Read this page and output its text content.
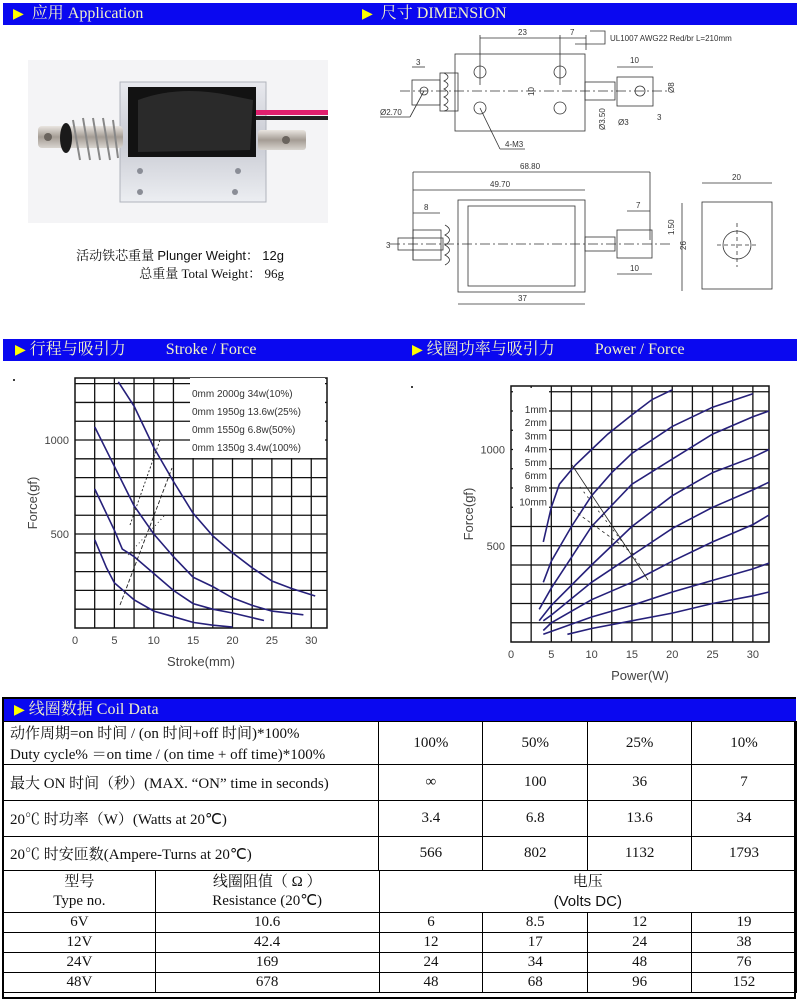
▶ 应用 Application	▶ 尺寸 DIMENSION
活动铁芯重量 Plunger Weight： 12g
总重量 Total Weight： 96g
23	7
UL1007 AWG22 Red/br L=210mm
Ø2.70
3
10
Ø3.50
4-M3
10
Ø8
Ø3
3
68.80
49.70
8
3
7
1.50
10
37
26
20
▶ 行程与吸引力	Stroke / Force	▶ 线圈功率与吸引力	Power / Force
0	5	10 15 20 25 30
500
1000
Stroke(mm)
Force(gf)
0mm 2000g 34w(10%)
0mm 1950g 13.6w(25%)
0mm 1550g 6.8w(50%)
0mm 1350g 3.4w(100%)
0	5	10	15	20	25	30
500
1000
Power(W)
Force(gf)
1mm
2mm
3mm
4mm
5mm
6mm
8mm
10mm
▶ 线圈数据 Coil Data
动作周期=on 时间 / (on 时间+off 时间)*100%
Duty cycle% ＝on time / (on time + off time)*100%	100%	50%	25%	10%
最大 ON 时间（秒）(MAX. “ON” time in seconds)	∞	100	36	7
20℃ 时功率（W）(Watts at 20℃)	3.4	6.8	13.6	34
20℃ 时安匝数(Ampere-Turns at 20℃)	566	802	1132	1793
型号
Type no.

线圈阻值（ Ω ）
Resistance (20℃)

电压
(Volts DC)

6V	10.6	6	8.5	12	19
12V	42.4	12	17	24	38
24V	169	24	34	48	76
48V	678	48	68	96	152
